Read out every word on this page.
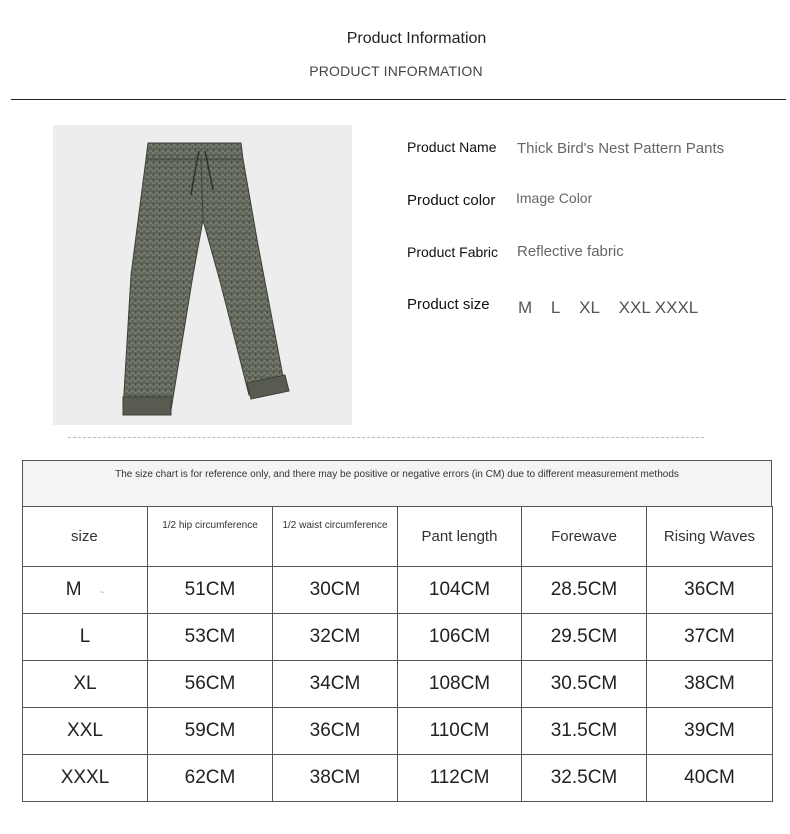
Product Information
PRODUCT INFORMATION
Product Name Thick Bird's Nest Pattern Pants
Product color Image Color
Product Fabric Reflective fabric
Product size M L XL XXL XXXL
The size chart is for reference only, and there may be positive or negative errors (in CM) due to different measurement methods
size	1/2 hip circumference	1/2 waist circumference	Pant length	Forewave	Rising Waves
M ~	51CM	30CM	104CM	28.5CM	36CM
L	53CM	32CM	106CM	29.5CM	37CM
XL	56CM	34CM	108CM	30.5CM	38CM
XXL	59CM	36CM	110CM	31.5CM	39CM
XXXL	62CM	38CM	112CM	32.5CM	40CM
